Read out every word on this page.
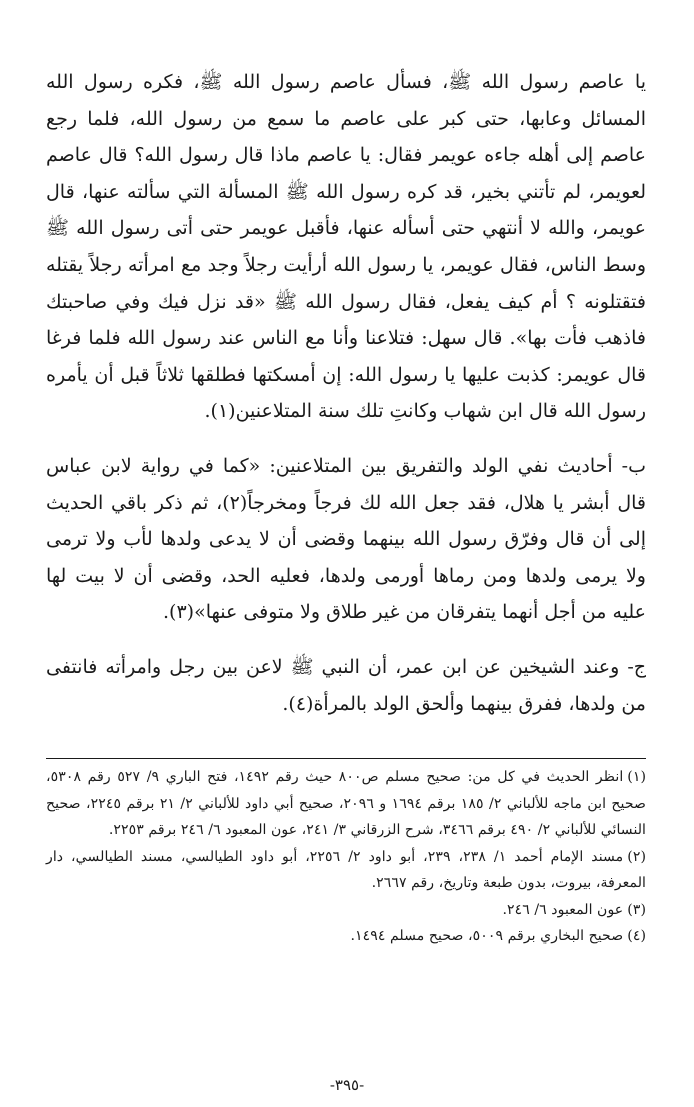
يا عاصم رسول الله ﷺ، فسأل عاصم رسول الله ﷺ، فكره رسول الله المسائل وعابها، حتى كبر على عاصم ما سمع من رسول الله، فلما رجع عاصم إلى أهله جاءه عويمر فقال: يا عاصم ماذا قال رسول الله؟ قال عاصم لعويمر، لم تأتني بخير، قد كره رسول الله ﷺ المسألة التي سألته عنها، قال عويمر، والله لا أنتهي حتى أسأله عنها، فأقبل عويمر حتى أتى رسول الله ﷺ وسط الناس، فقال عويمر، يا رسول الله أرأيت رجلاً وجد مع امرأته رجلاً يقتله فتقتلونه ؟ أم كيف يفعل، فقال رسول الله ﷺ «قد نزل فيك وفي صاحبتك فاذهب فأت بها». قال سهل: فتلاعنا وأنا مع الناس عند رسول الله فلما فرغا قال عويمر: كذبت عليها يا رسول الله: إن أمسكتها فطلقها ثلاثاً قبل أن يأمره رسول الله قال ابن شهاب وكانتِ تلك سنة المتلاعنين(١).

ب- أحاديث نفي الولد والتفريق بين المتلاعنين: «كما في رواية لابن عباس قال أبشر يا هلال، فقد جعل الله لك فرجاً ومخرجاً(٢)، ثم ذكر باقي الحديث إلى أن قال وفرّق رسول الله بينهما وقضى أن لا يدعى ولدها لأب ولا ترمى ولا يرمى ولدها ومن رماها أورمى ولدها، فعليه الحد، وقضى أن لا بيت لها عليه من أجل أنهما يتفرقان من غير طلاق ولا متوفى عنها»(٣).

ج- وعند الشيخين عن ابن عمر، أن النبي ﷺ لاعن بين رجل وامرأته فانتفى من ولدها، ففرق بينهما وألحق الولد بالمرأة(٤).

(١)انظر الحديث في كل من: صحيح مسلم ص٨٠٠ حيث رقم ١٤٩٢، فتح الباري ٩/ ٥٢٧ رقم ٥٣٠٨، صحيح ابن ماجه للألباني ٢/ ١٨٥ برقم ١٦٩٤ و ٢٠٩٦، صحيح أبي داود للألباني ٢/ ٢١ برقم ٢٢٤٥، صحيح النسائي للألباني ٢/ ٤٩٠ برقم ٣٤٦٦، شرح الزرقاني ٣/ ٢٤١، عون المعبود ٦/ ٢٤٦ برقم ٢٢٥٣.

(٢)مسند الإمام أحمد ١/ ٢٣٨، ٢٣٩، أبو داود ٢/ ٢٢٥٦، أبو داود الطيالسي، مسند الطيالسي، دار المعرفة، بيروت، بدون طبعة وتاريخ، رقم ٢٦٦٧.

(٣)عون المعبود ٦/ ٢٤٦.

(٤)صحيح البخاري برقم ٥٠٠٩، صحيح مسلم ١٤٩٤.

-٣٩٥-
